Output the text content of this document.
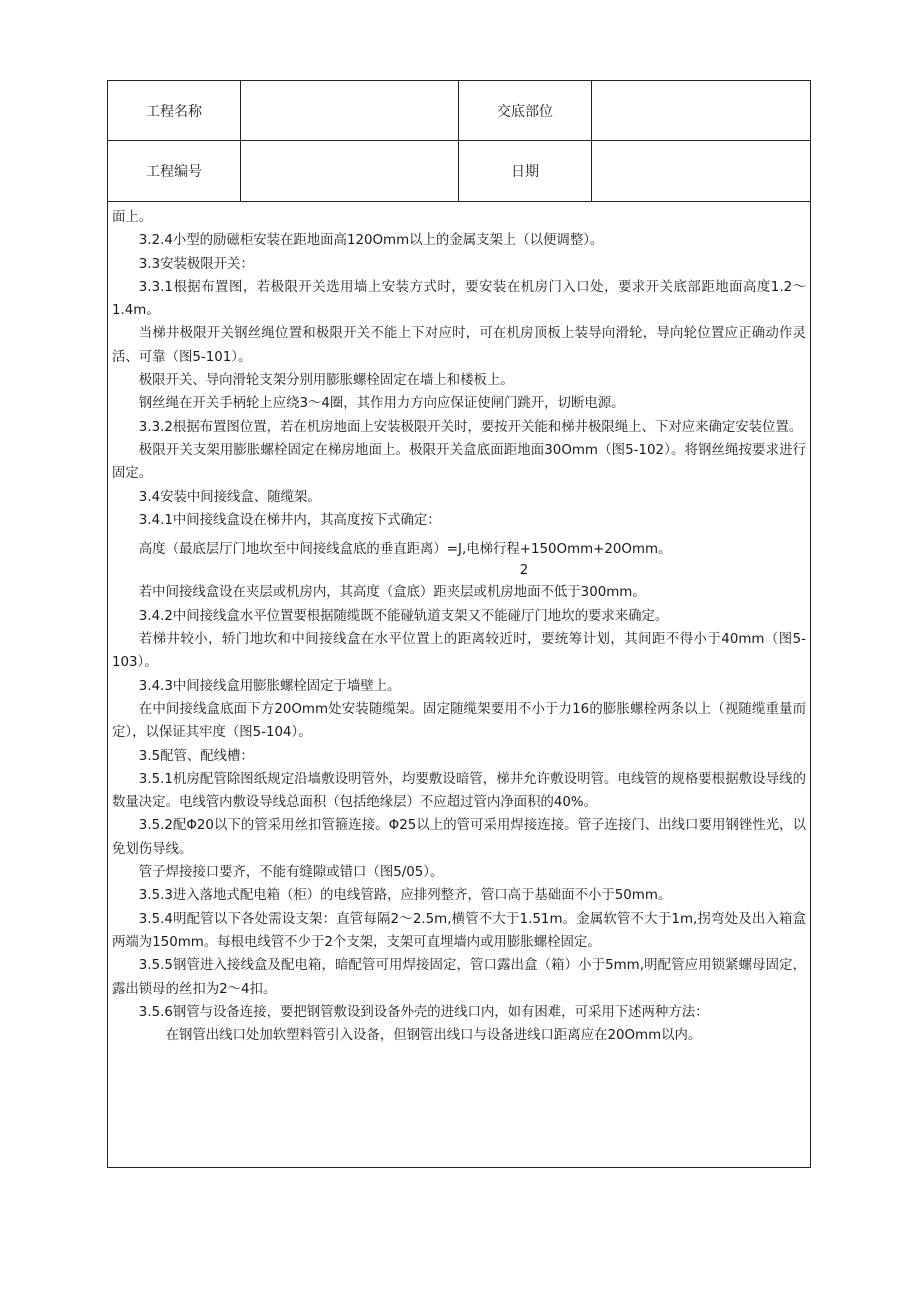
工程名称	交底部位
工程编号	日期

面上。

3.2.4小型的励磁柜安装在距地面高120Omm以上的金属支架上（以便调整）。

3.3安装极限开关：

3.3.1根据布置图，若极限开关选用墙上安装方式时，要安装在机房门入口处，要求开关底部距地面高度1.2～1.4m。

当梯井极限开关钢丝绳位置和极限开关不能上下对应时，可在机房顶板上装导向滑轮，导向轮位置应正确动作灵活、可靠（图5-101）。

极限开关、导向滑轮支架分别用膨胀螺栓固定在墙上和楼板上。

钢丝绳在开关手柄轮上应绕3～4圈，其作用力方向应保证使闸门跳开，切断电源。

3.3.2根据布置图位置，若在机房地面上安装极限开关时，要按开关能和梯井极限绳上、下对应来确定安装位置。

极限开关支架用膨胀螺栓固定在梯房地面上。极限开关盒底面距地面30Omm（图5-102）。将钢丝绳按要求进行固定。

3.4安装中间接线盒、随缆架。

3.4.1中间接线盒设在梯井内，其高度按下式确定：

高度（最底层厅门地坎至中间接线盒底的垂直距离）=J,电梯行程+150Omm+20Omm。

2

若中间接线盒设在夹层或机房内，其高度（盒底）距夹层或机房地面不低于300mm。

3.4.2中间接线盒水平位置要根据随缆既不能碰轨道支架又不能碰厅门地坎的要求来确定。

若梯井较小，轿门地坎和中间接线盒在水平位置上的距离较近时，要统筹计划，其间距不得小于40mm（图5-103）。

3.4.3中间接线盒用膨胀螺栓固定于墙壁上。

在中间接线盒底面下方20Omm处安装随缆架。固定随缆架要用不小于力16的膨胀螺栓两条以上（视随缆重量而定），以保证其牢度（图5-104）。

3.5配管、配线槽：

3.5.1机房配管除图纸规定沿墙敷设明管外，均要敷设暗管，梯井允许敷设明管。电线管的规格要根据敷设导线的数量决定。电线管内敷设导线总面积（包括绝缘层）不应超过管内净面积的40%。

3.5.2配Φ20以下的管采用丝扣管箍连接。Φ25以上的管可采用焊接连接。管子连接门、出线口要用钢锉性光，以免划伤导线。

管子焊接接口要齐，不能有缝隙或错口（图5/05）。

3.5.3进入落地式配电箱（柜）的电线管路，应排列整齐，管口高于基础面不小于50mm。

3.5.4明配管以下各处需设支架：直管每隔2～2.5m,横管不大于1.51m。金属软管不大于1m,拐弯处及出入箱盒两端为150mm。每根电线管不少于2个支架，支架可直埋墙内或用膨胀螺栓固定。

3.5.5钢管进入接线盒及配电箱，暗配管可用焊接固定，管口露出盒（箱）小于5mm,明配管应用锁紧螺母固定，露出锁母的丝扣为2～4扣。

3.5.6钢管与设备连接，要把钢管敷设到设备外壳的进线口内，如有困难，可采用下述两种方法：

在钢管出线口处加软塑料管引入设备，但钢管出线口与设备进线口距离应在20Omm以内。
